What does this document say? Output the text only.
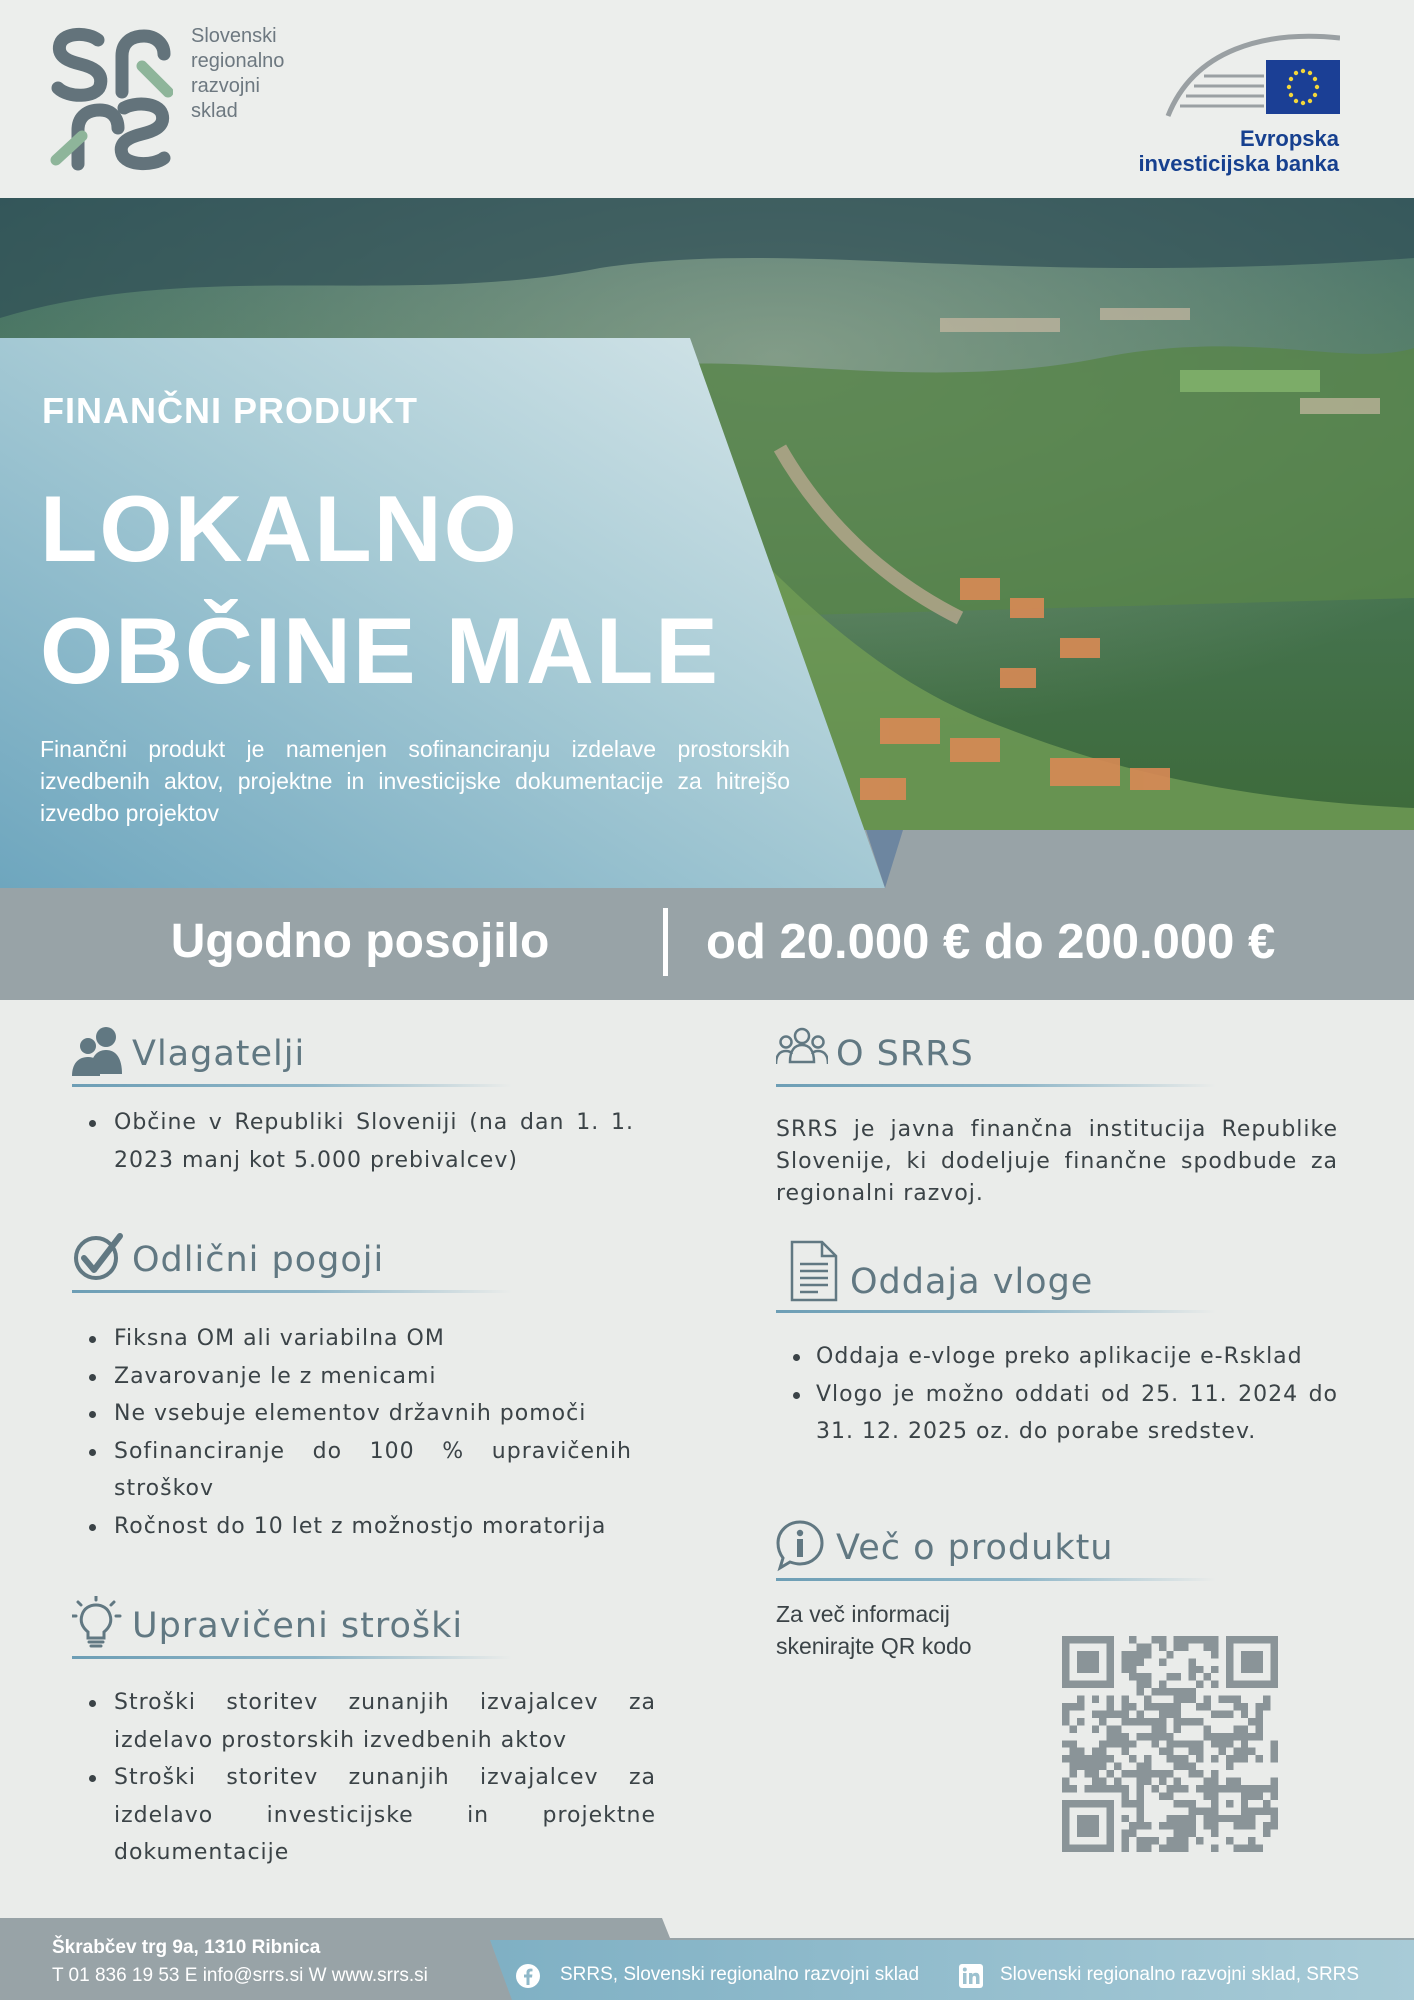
Slovenski
regionalno
razvojni
sklad
Evropska
investicijska banka
FINANČNI PRODUKT
LOKALNO
OBČINE MALE
Finančni produkt je namenjen sofinanciranju izdelave prostorskih izvedbenih aktov, projektne in investicijske dokumentacije za hitrejšo izvedbo projektov
Ugodno posojilo	od 20.000 € do 200.000 €
Vlagatelji
Občine v Republiki Sloveniji (na dan 1. 1. 2023 manj kot 5.000 prebivalcev)
Odlični pogoji
Fiksna OM ali variabilna OM
Zavarovanje le z menicami
Ne vsebuje elementov državnih pomoči
Sofinanciranje do 100 % upravičenih stroškov
Ročnost do 10 let z možnostjo moratorija
Upravičeni stroški
Stroški storitev zunanjih izvajalcev za izdelavo prostorskih izvedbenih aktov
Stroški storitev zunanjih izvajalcev za izdelavo investicijske in projektne dokumentacije
O SRRS
SRRS je javna finančna institucija Republike Slovenije, ki dodeljuje finančne spodbude za regionalni razvoj.
Oddaja vloge
Oddaja e-vloge preko aplikacije e-Rsklad
Vlogo je možno oddati od 25. 11. 2024 do 31. 12. 2025 oz. do porabe sredstev.
Več o produktu
Za več informacij
skenirajte QR kodo
Škrabčev trg 9a, 1310 Ribnica
T 01 836 19 53 E info@srrs.si W www.srrs.si	SRRS, Slovenski regionalno razvojni sklad	Slovenski regionalno razvojni sklad, SRRS
